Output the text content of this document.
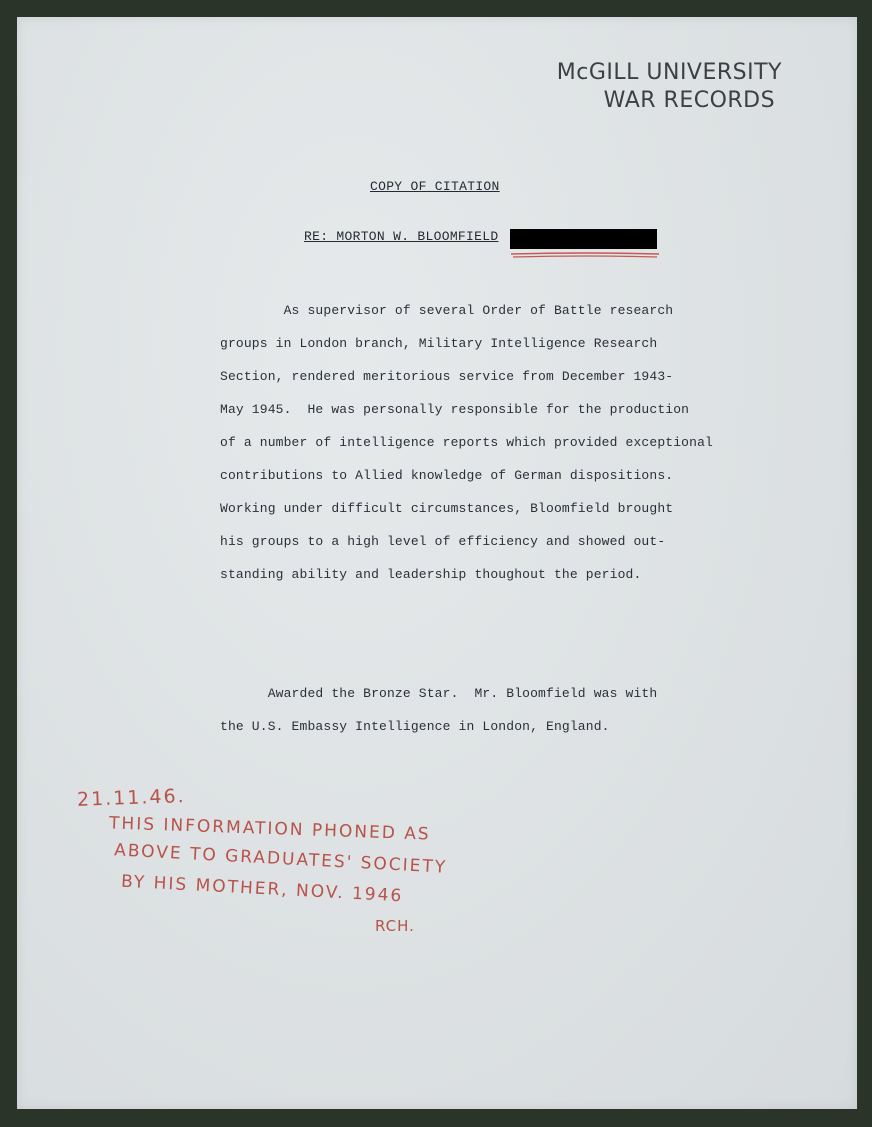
McGILL UNIVERSITY
WAR RECORDS
COPY OF CITATION
RE: MORTON W. BLOOMFIELD
As supervisor of several Order of Battle research
groups in London branch, Military Intelligence Research
Section, rendered meritorious service from December 1943-
May 1945.  He was personally responsible for the production
of a number of intelligence reports which provided exceptional
contributions to Allied knowledge of German dispositions.
Working under difficult circumstances, Bloomfield brought
his groups to a high level of efficiency and showed out-
standing ability and leadership thoughout the period.
Awarded the Bronze Star.  Mr. Bloomfield was with
the U.S. Embassy Intelligence in London, England.
21.11.46.
THIS INFORMATION PHONED AS
ABOVE TO GRADUATES' SOCIETY
BY HIS MOTHER, NOV. 1946
RCH.
